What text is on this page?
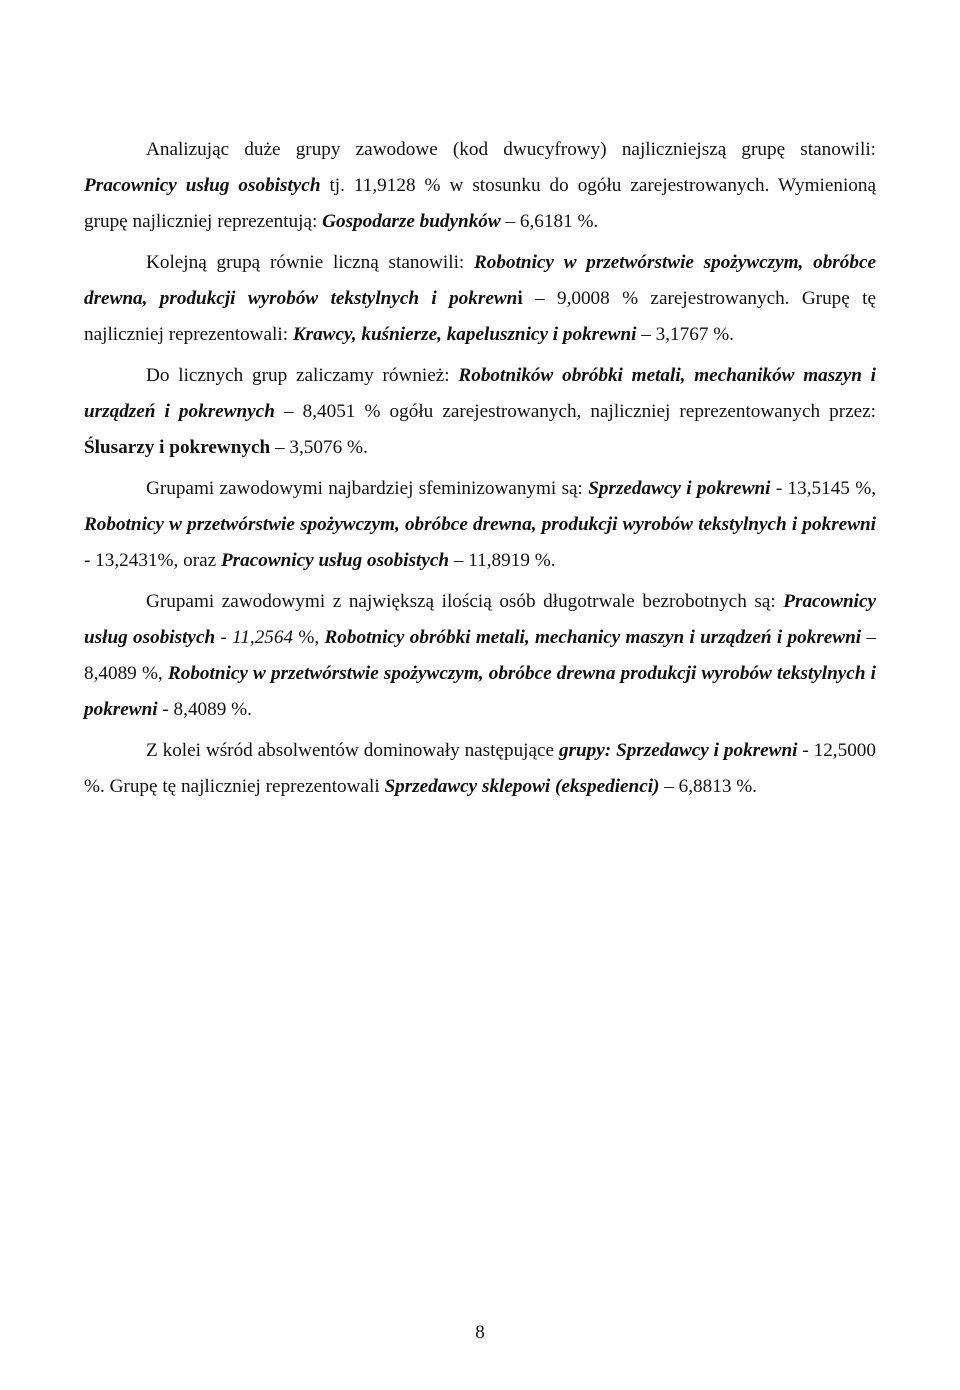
Analizując duże grupy zawodowe (kod dwucyfrowy) najliczniejszą grupę stanowili: Pracownicy usług osobistych tj. 11,9128 % w stosunku do ogółu zarejestrowanych. Wymienioną grupę najliczniej reprezentują: Gospodarze budynków – 6,6181 %.

Kolejną grupą równie liczną stanowili: Robotnicy w przetwórstwie spożywczym, obróbce drewna, produkcji wyrobów tekstylnych i pokrewni – 9,0008 % zarejestrowanych. Grupę tę najliczniej reprezentowali: Krawcy, kuśnierze, kapelusznicy i pokrewni – 3,1767 %.

Do licznych grup zaliczamy również: Robotników obróbki metali, mechaników maszyn i urządzeń i pokrewnych – 8,4051 % ogółu zarejestrowanych, najliczniej reprezentowanych przez: Ślusarzy i pokrewnych – 3,5076 %.

Grupami zawodowymi najbardziej sfeminizowanymi są: Sprzedawcy i pokrewni - 13,5145 %, Robotnicy w przetwórstwie spożywczym, obróbce drewna, produkcji wyrobów tekstylnych i pokrewni - 13,2431%, oraz Pracownicy usług osobistych – 11,8919 %.

Grupami zawodowymi z największą ilością osób długotrwale bezrobotnych są: Pracownicy usług osobistych - 11,2564 %, Robotnicy obróbki metali, mechanicy maszyn i urządzeń i pokrewni – 8,4089 %, Robotnicy w przetwórstwie spożywczym, obróbce drewna produkcji wyrobów tekstylnych i pokrewni - 8,4089 %.

Z kolei wśród absolwentów dominowały następujące grupy: Sprzedawcy i pokrewni - 12,5000 %. Grupę tę najliczniej reprezentowali Sprzedawcy sklepowi (ekspedienci) – 6,8813 %.

8
